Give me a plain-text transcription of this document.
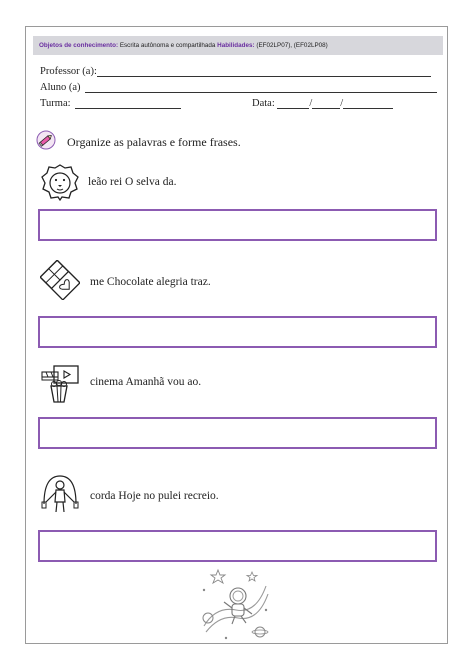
Objetos de conhecimento: Escrita autônoma e compartilhada Habilidades: (EF02LP07), (EF02LP08)
Professor (a):
Aluno (a)
Turma:	Data:	/	/
Organize as palavras e forme frases.
leão rei O selva da.
me Chocolate alegria traz.
cinema Amanhã vou ao.
corda Hoje no pulei recreio.
